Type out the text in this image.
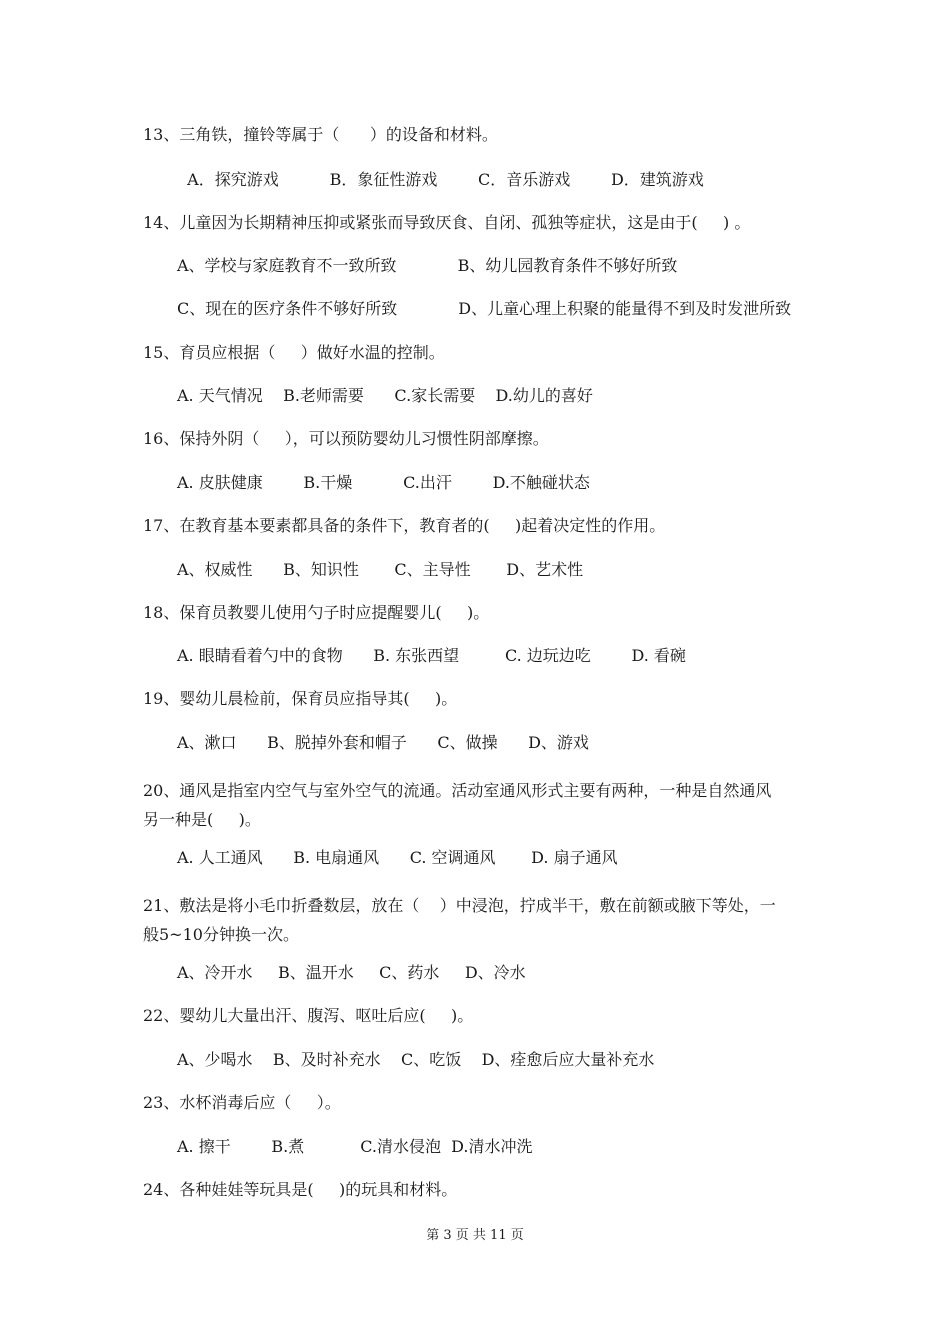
13、三角铁，撞铃等属于（      ）的设备和材料。
A．探究游戏          B．象征性游戏        C．音乐游戏        D．建筑游戏
14、儿童因为长期精神压抑或紧张而导致厌食、自闭、孤独等症状，这是由于(     ) 。
A、学校与家庭教育不一致所致            B、幼儿园教育条件不够好所致
C、现在的医疗条件不够好所致            D、儿童心理上积聚的能量得不到及时发泄所致
15、育员应根据（     ）做好水温的控制。
A. 天气情况    B.老师需要      C.家长需要    D.幼儿的喜好
16、保持外阴（     ），可以预防婴幼儿习惯性阴部摩擦。
A. 皮肤健康        B.干燥          C.出汗        D.不触碰状态
17、在教育基本要素都具备的条件下，教育者的(     )起着决定性的作用。
A、权威性      B、知识性       C、主导性       D、艺术性
18、保育员教婴儿使用勺子时应提醒婴儿(     )。
A. 眼睛看着勺中的食物      B. 东张西望         C. 边玩边吃        D. 看碗
19、婴幼儿晨检前，保育员应指导其(     )。
A、漱口      B、脱掉外套和帽子      C、做操      D、游戏
20、通风是指室内空气与室外空气的流通。活动室通风形式主要有两种，一种是自然通风
另一种是(     )。
A. 人工通风      B. 电扇通风      C. 空调通风       D. 扇子通风
21、敷法是将小毛巾折叠数层，放在（    ）中浸泡，拧成半干，敷在前额或腋下等处，一
般5~10分钟换一次。
A、冷开水     B、温开水     C、药水     D、冷水
22、婴幼儿大量出汗、腹泻、呕吐后应(     )。
A、少喝水    B、及时补充水    C、吃饭    D、痊愈后应大量补充水
23、水杯消毒后应（     ）。
A. 擦干        B.煮           C.清水侵泡  D.清水冲洗
24、各种娃娃等玩具是(     )的玩具和材料。
第 3 页 共 11 页
